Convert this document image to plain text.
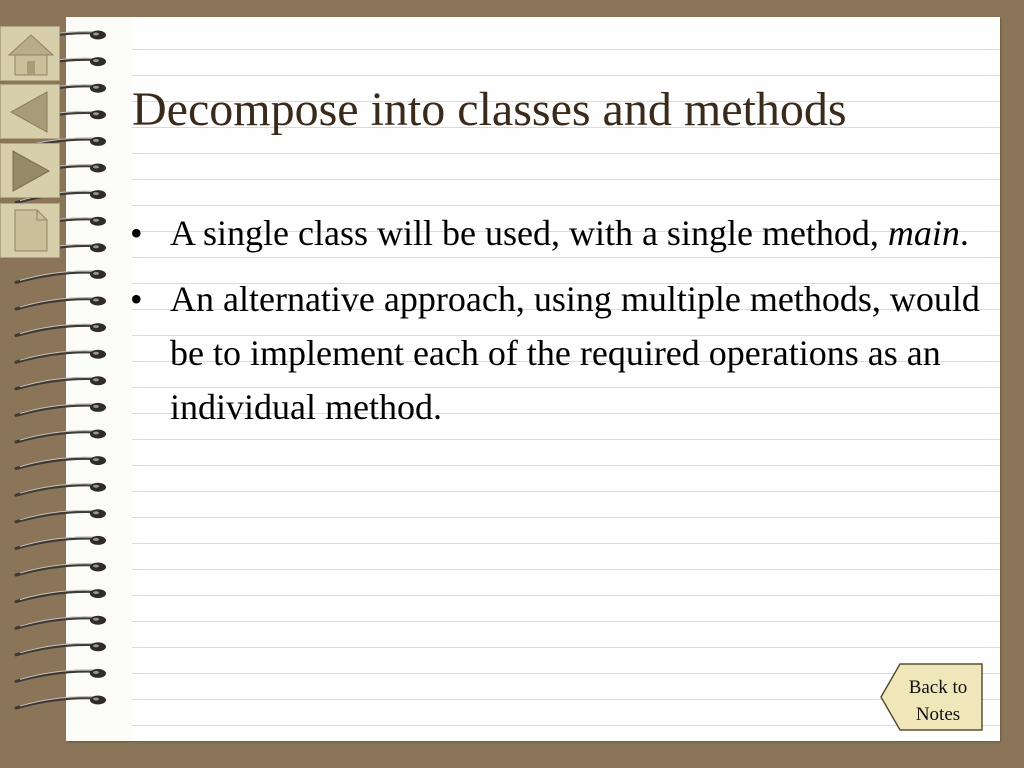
Decompose into classes and methods
• A single class will be used, with a single method, main.
• An alternative approach, using multiple methods, would be to implement each of the required operations as an individual method.
Back to
Notes
